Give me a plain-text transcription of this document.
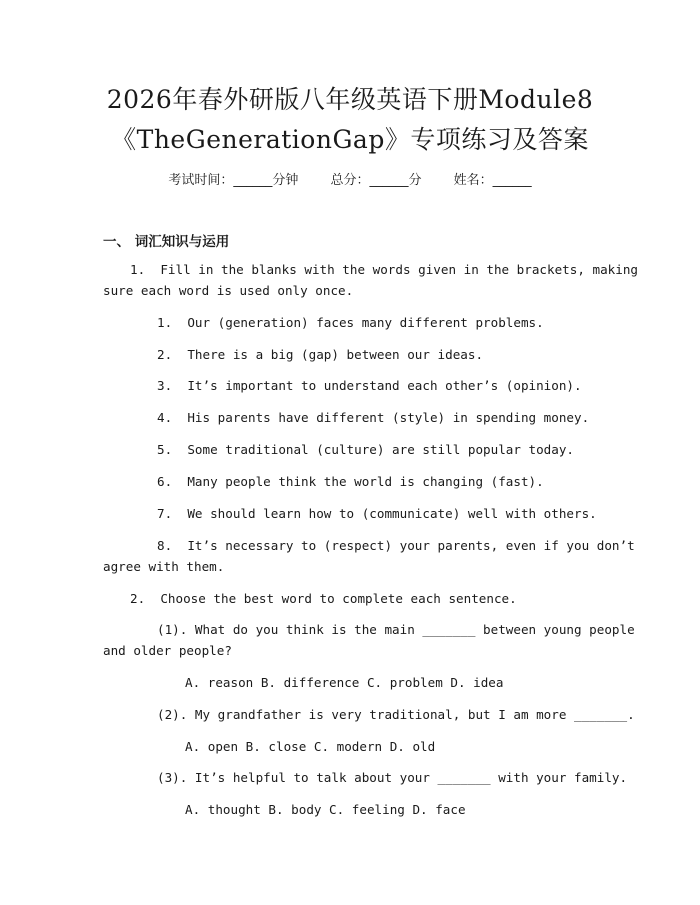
2026年春外研版八年级英语下册Module8
《TheGenerationGap》专项练习及答案
考试时间：______分钟 总分：______分 姓名：______
一、 词汇知识与运用
1.  Fill in the blanks with the words given in the brackets, making
sure each word is used only once.
1.  Our (generation) faces many different problems.
2.  There is a big (gap) between our ideas.
3.  It’s important to understand each other’s (opinion).
4.  His parents have different (style) in spending money.
5.  Some traditional (culture) are still popular today.
6.  Many people think the world is changing (fast).
7.  We should learn how to (communicate) well with others.
8.  It’s necessary to (respect) your parents, even if you don’t
agree with them.
2.  Choose the best word to complete each sentence.
(1). What do you think is the main _______ between young people
and older people?
A. reason B. difference C. problem D. idea
(2). My grandfather is very traditional, but I am more _______.
A. open B. close C. modern D. old
(3). It’s helpful to talk about your _______ with your family.
A. thought B. body C. feeling D. face
